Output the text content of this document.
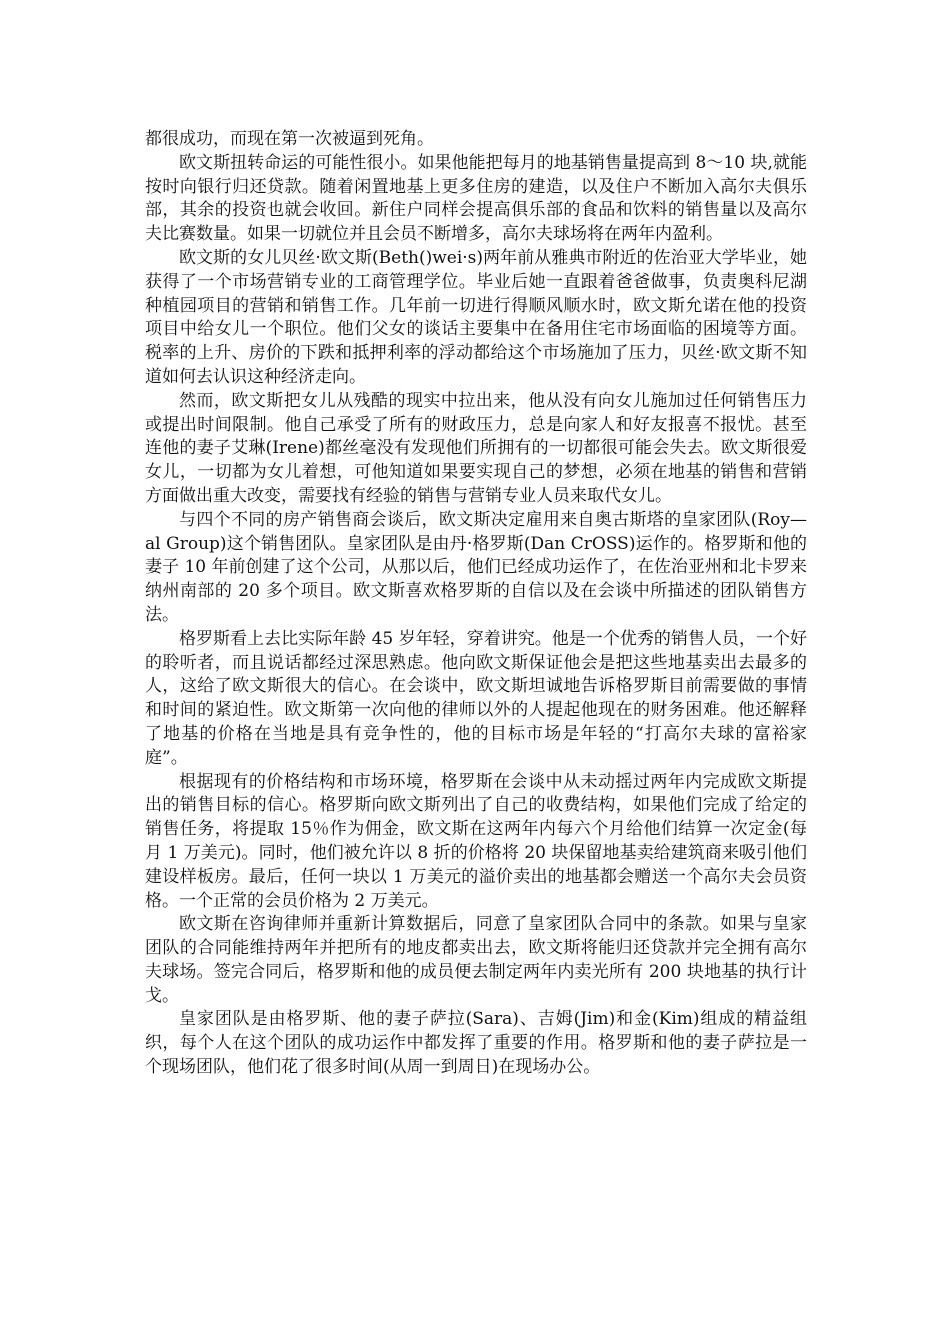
都很成功，而现在第一次被逼到死角。

欧文斯扭转命运的可能性很小。如果他能把每月的地基销售量提高到 8～10 块,就能按时向银行归还贷款。随着闲置地基上更多住房的建造，以及住户不断加入高尔夫俱乐部，其余的投资也就会收回。新住户同样会提高俱乐部的食品和饮料的销售量以及高尔夫比赛数量。如果一切就位并且会员不断增多，高尔夫球场将在两年内盈利。

欧文斯的女儿贝丝·欧文斯(Beth()wei·s)两年前从雅典市附近的佐治亚大学毕业，她获得了一个市场营销专业的工商管理学位。毕业后她一直跟着爸爸做事，负责奥科尼湖种植园项目的营销和销售工作。几年前一切进行得顺风顺水时，欧文斯允诺在他的投资项目中给女儿一个职位。他们父女的谈话主要集中在备用住宅市场面临的困境等方面。税率的上升、房价的下跌和抵押利率的浮动都给这个市场施加了压力，贝丝·欧文斯不知道如何去认识这种经济走向。

然而，欧文斯把女儿从残酷的现实中拉出来，他从没有向女儿施加过任何销售压力或提出时间限制。他自己承受了所有的财政压力，总是向家人和好友报喜不报忧。甚至连他的妻子艾琳(Irene)都丝毫没有发现他们所拥有的一切都很可能会失去。欧文斯很爱女儿，一切都为女儿着想，可他知道如果要实现自己的梦想，必须在地基的销售和营销方面做出重大改变，需要找有经验的销售与营销专业人员来取代女儿。

与四个不同的房产销售商会谈后，欧文斯决定雇用来自奥古斯塔的皇家团队(Roy—al Group)这个销售团队。皇家团队是由丹·格罗斯(Dan CrOSS)运作的。格罗斯和他的妻子 10 年前创建了这个公司，从那以后，他们已经成功运作了，在佐治亚州和北卡罗来纳州南部的 20 多个项目。欧文斯喜欢格罗斯的自信以及在会谈中所描述的团队销售方法。

格罗斯看上去比实际年龄 45 岁年轻，穿着讲究。他是一个优秀的销售人员，一个好的聆听者，而且说话都经过深思熟虑。他向欧文斯保证他会是把这些地基卖出去最多的人，这给了欧文斯很大的信心。在会谈中，欧文斯坦诚地告诉格罗斯目前需要做的事情和时间的紧迫性。欧文斯第一次向他的律师以外的人提起他现在的财务困难。他还解释了地基的价格在当地是具有竞争性的，他的目标市场是年轻的“打高尔夫球的富裕家庭”。

根据现有的价格结构和市场环境，格罗斯在会谈中从未动摇过两年内完成欧文斯提出的销售目标的信心。格罗斯向欧文斯列出了自己的收费结构，如果他们完成了给定的销售任务，将提取 15％作为佣金，欧文斯在这两年内每六个月给他们结算一次定金(每月 1 万美元)。同时，他们被允许以 8 折的价格将 20 块保留地基卖给建筑商来吸引他们建设样板房。最后，任何一块以 1 万美元的溢价卖出的地基都会赠送一个高尔夫会员资格。一个正常的会员价格为 2 万美元。

欧文斯在咨询律师并重新计算数据后，同意了皇家团队合同中的条款。如果与皇家团队的合同能维持两年并把所有的地皮都卖出去，欧文斯将能归还贷款并完全拥有高尔夫球场。签完合同后，格罗斯和他的成员便去制定两年内卖光所有 200 块地基的执行计戈。

皇家团队是由格罗斯、他的妻子萨拉(Sara)、吉姆(Jim)和金(Kim)组成的精益组织，每个人在这个团队的成功运作中都发挥了重要的作用。格罗斯和他的妻子萨拉是一个现场团队，他们花了很多时间(从周一到周日)在现场办公。
